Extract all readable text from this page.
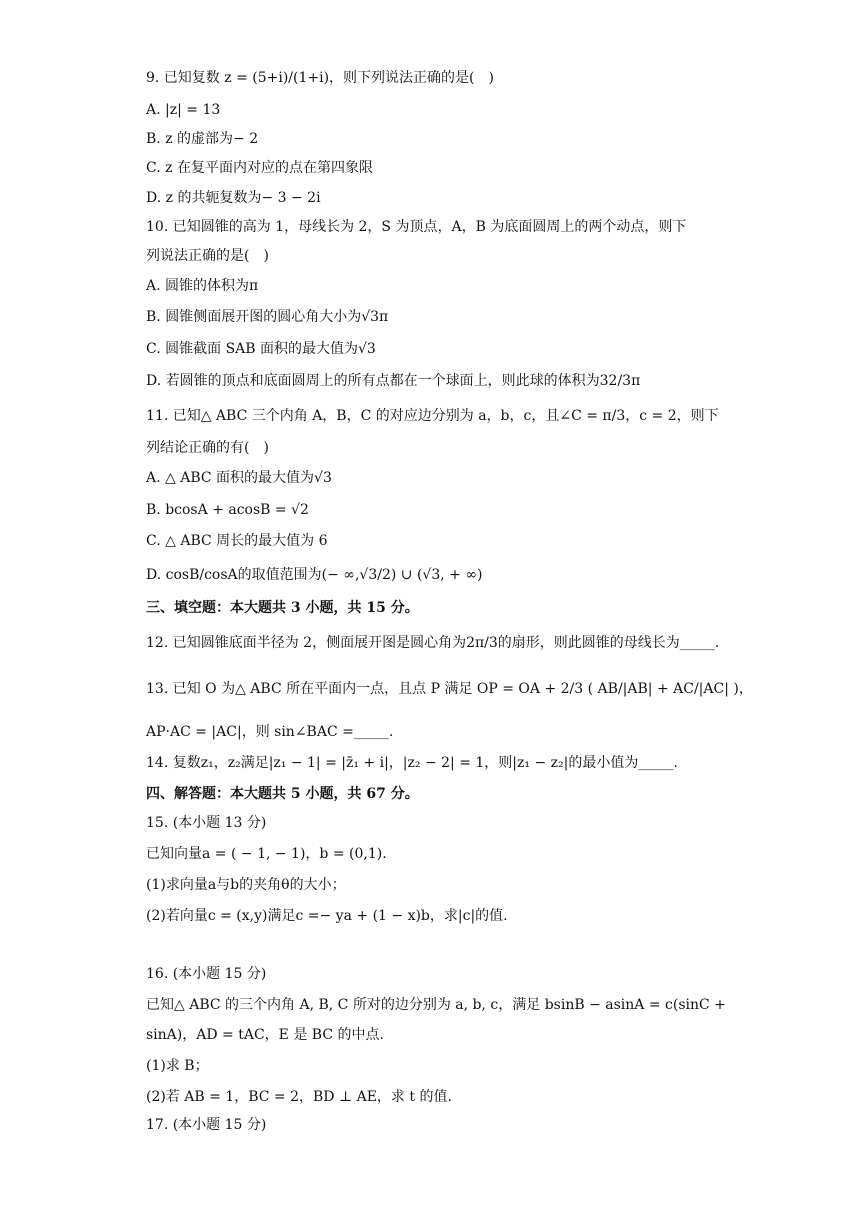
9. 已知复数 z = (5+i)/(1+i)，则下列说法正确的是(　)
A. |z| = 13
B. z 的虚部为− 2
C. z 在复平面内对应的点在第四象限
D. z 的共轭复数为− 3 − 2i
10. 已知圆锥的高为 1，母线长为 2，S 为顶点，A，B 为底面圆周上的两个动点，则下
列说法正确的是(　)
A. 圆锥的体积为π
B. 圆锥侧面展开图的圆心角大小为√3π
C. 圆锥截面 SAB 面积的最大值为√3
D. 若圆锥的顶点和底面圆周上的所有点都在一个球面上，则此球的体积为32/3π
11. 已知△ ABC 三个内角 A，B，C 的对应边分别为 a，b，c，且∠C = π/3，c = 2，则下
列结论正确的有(　)
A. △ ABC 面积的最大值为√3
B. bcosA + acosB = √2
C. △ ABC 周长的最大值为 6
D. cosB/cosA的取值范围为(− ∞,√3/2) ∪ (√3, + ∞)
三、填空题：本大题共 3 小题，共 15 分。
12. 已知圆锥底面半径为 2，侧面展开图是圆心角为2π/3的扇形，则此圆锥的母线长为_____.
13. 已知 O 为△ ABC 所在平面内一点，且点 P 满足 OP = OA + 2/3 ( AB/|AB| + AC/|AC| )，
AP·AC = |AC|，则 sin∠BAC =_____.
14. 复数z₁，z₂满足|z₁ − 1| = |z̄₁ + i|，|z₂ − 2| = 1，则|z₁ − z₂|的最小值为_____.
四、解答题：本大题共 5 小题，共 67 分。
15. (本小题 13 分)
已知向量a = ( − 1, − 1)，b = (0,1).
(1)求向量a与b的夹角θ的大小；
(2)若向量c = (x,y)满足c =− ya + (1 − x)b，求|c|的值.
16. (本小题 15 分)
已知△ ABC 的三个内角 A, B, C 所对的边分别为 a, b, c，满足 bsinB − asinA = c(sinC +
sinA)，AD = tAC，E 是 BC 的中点.
(1)求 B；
(2)若 AB = 1，BC = 2，BD ⊥ AE，求 t 的值.
17. (本小题 15 分)
